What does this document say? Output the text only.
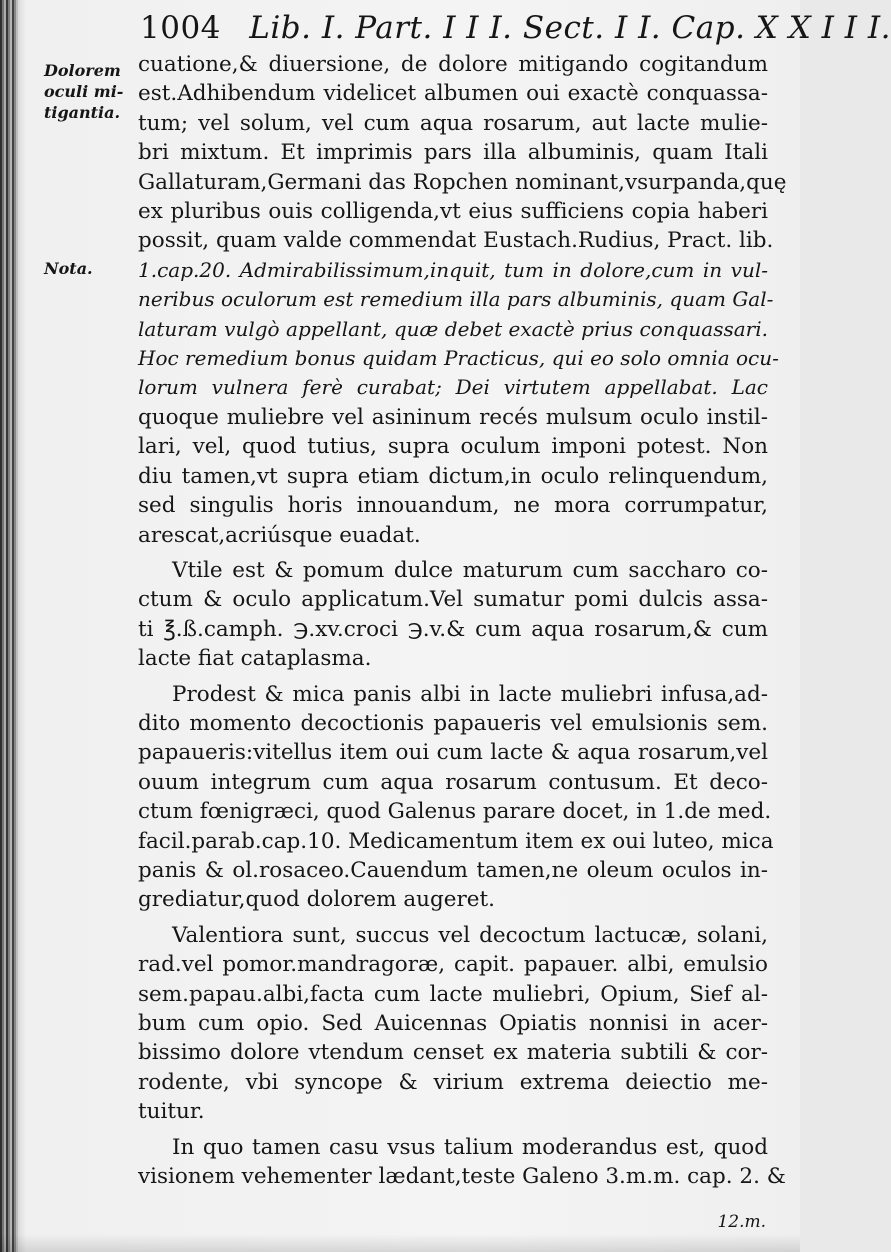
1004 Lib. I. Part. I I I. Sect. I I. Cap. X X I I I.
Dolorem
oculi mi-
tigantia.
Nota.
cuatione,& diuersione, de dolore mitigando cogitandum
est.Adhibendum videlicet albumen oui exactè conquassa-
tum; vel solum, vel cum aqua rosarum, aut lacte mulie-
bri mixtum. Et imprimis pars illa albuminis, quam Itali
Gallaturam,Germani das Ropchen nominant,vsurpanda,quę
ex pluribus ouis colligenda,vt eius sufficiens copia haberi
possit, quam valde commendat Eustach.Rudius, Pract. lib.
1.cap.20. Admirabilissimum,inquit, tum in dolore,cum in vul-
neribus oculorum est remedium illa pars albuminis, quam Gal-
laturam vulgò appellant, quæ debet exactè prius conquassari.
Hoc remedium bonus quidam Practicus, qui eo solo omnia ocu-
lorum vulnera ferè curabat; Dei virtutem appellabat. Lac
quoque muliebre vel asininum recés mulsum oculo instil-
lari, vel, quod tutius, supra oculum imponi potest. Non
diu tamen,vt supra etiam dictum,in oculo relinquendum,
sed singulis horis innouandum, ne mora corrumpatur,
arescat,acriúsque euadat.
Vtile est & pomum dulce maturum cum saccharo co-
ctum & oculo applicatum.Vel sumatur pomi dulcis assa-
ti ℥.ß.camph. ℈.xv.croci ℈.v.& cum aqua rosarum,& cum
lacte fiat cataplasma.
Prodest & mica panis albi in lacte muliebri infusa,ad-
dito momento decoctionis papaueris vel emulsionis sem.
papaueris:vitellus item oui cum lacte & aqua rosarum,vel
ouum integrum cum aqua rosarum contusum. Et deco-
ctum fœnigræci, quod Galenus parare docet, in 1.de med.
facil.parab.cap.10. Medicamentum item ex oui luteo, mica
panis & ol.rosaceo.Cauendum tamen,ne oleum oculos in-
grediatur,quod dolorem augeret.
Valentiora sunt, succus vel decoctum lactucæ, solani,
rad.vel pomor.mandragoræ, capit. papauer. albi, emulsio
sem.papau.albi,facta cum lacte muliebri, Opium, Sief al-
bum cum opio. Sed Auicennas Opiatis nonnisi in acer-
bissimo dolore vtendum censet ex materia subtili & cor-
rodente, vbi syncope & virium extrema deiectio me-
tuitur.
In quo tamen casu vsus talium moderandus est, quod
visionem vehementer lædant,teste Galeno 3.m.m. cap. 2. &
12.m.
